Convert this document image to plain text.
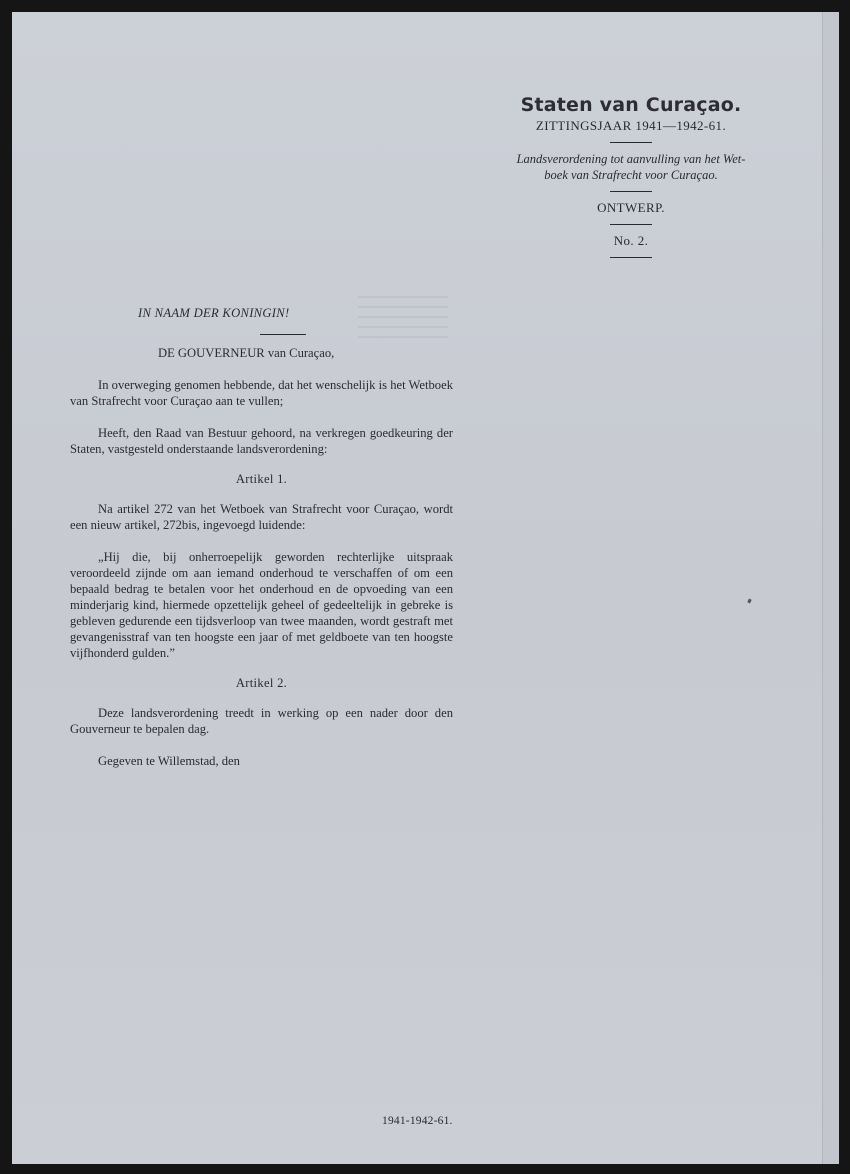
Staten van Curaçao.
ZITTINGSJAAR 1941—1942-61.
Landsverordening tot aanvulling van het Wet-
boek van Strafrecht voor Curaçao.
ONTWERP.
No. 2.
IN NAAM DER KONINGIN!
DE GOUVERNEUR van Curaçao,

In overweging genomen hebbende, dat het wenschelijk is het Wetboek van Strafrecht voor Curaçao aan te vullen;

Heeft, den Raad van Bestuur gehoord, na verkregen goedkeuring der Staten, vastgesteld onderstaande landsverordening:

Artikel 1.

Na artikel 272 van het Wetboek van Strafrecht voor Curaçao, wordt een nieuw artikel, 272bis, ingevoegd luidende:

„Hij die, bij onherroepelijk geworden rechterlijke uitspraak veroordeeld zijnde om aan iemand onderhoud te verschaffen of om een bepaald bedrag te betalen voor het onderhoud en de opvoeding van een minderjarig kind, hiermede opzettelijk geheel of gedeeltelijk in gebreke is gebleven gedurende een tijdsverloop van twee maanden, wordt gestraft met gevangenisstraf van ten hoogste een jaar of met geldboete van ten hoogste vijfhonderd gulden.”

Artikel 2.

Deze landsverordening treedt in werking op een nader door den Gouverneur te bepalen dag.

Gegeven te Willemstad, den

1941-1942-61.
